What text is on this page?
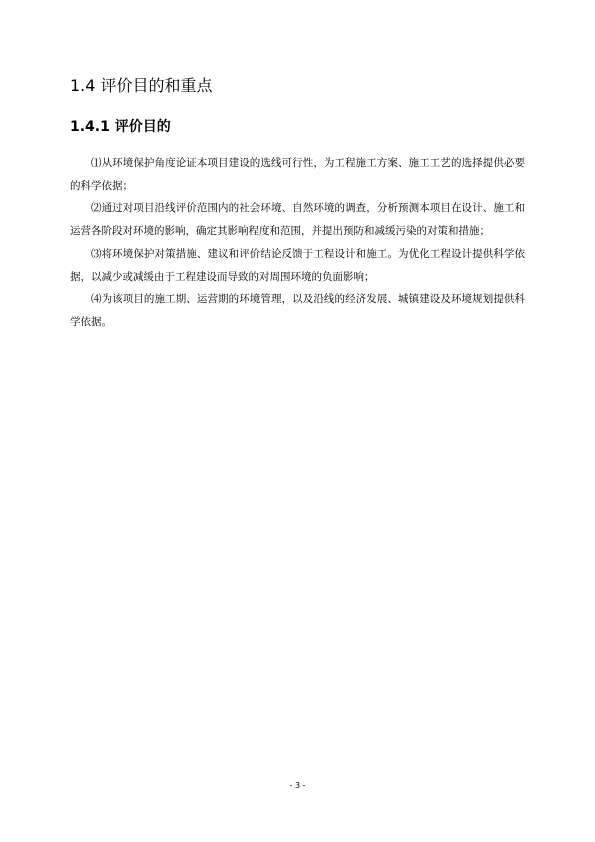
1.4 评价目的和重点
1.4.1 评价目的

⑴从环境保护角度论证本项目建设的选线可行性，为工程施工方案、施工工艺的选择提供必要的科学依据；

⑵通过对项目沿线评价范围内的社会环境、自然环境的调查，分析预测本项目在设计、施工和运营各阶段对环境的影响，确定其影响程度和范围，并提出预防和减缓污染的对策和措施；

⑶将环境保护对策措施、建议和评价结论反馈于工程设计和施工。为优化工程设计提供科学依据，以减少或减缓由于工程建设而导致的对周围环境的负面影响；

⑷为该项目的施工期、运营期的环境管理，以及沿线的经济发展、城镇建设及环境规划提供科学依据。

- 3 -
